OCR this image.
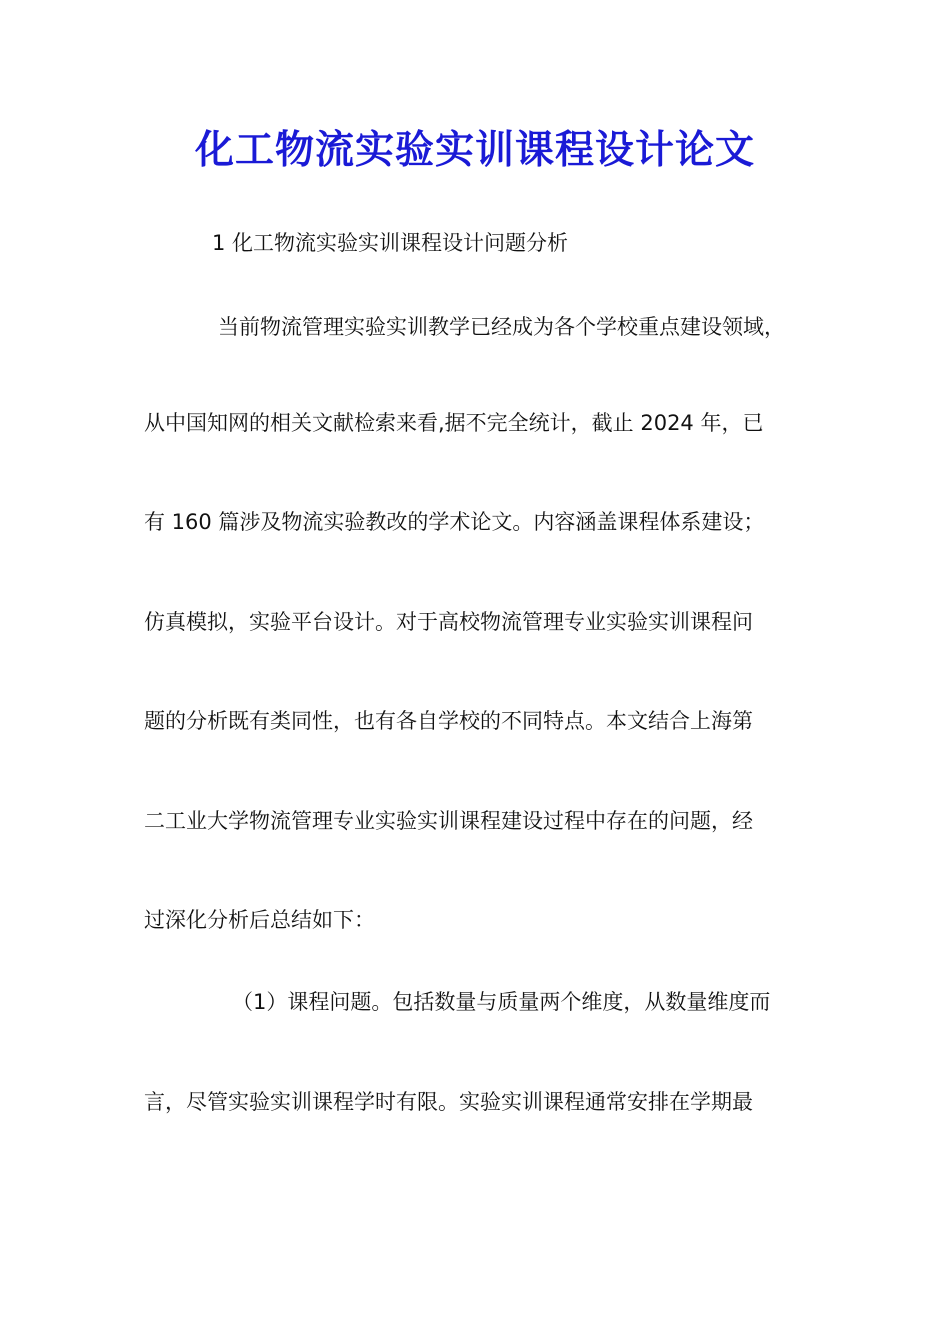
化工物流实验实训课程设计论文
1 化工物流实验实训课程设计问题分析
当前物流管理实验实训教学已经成为各个学校重点建设领域，
从中国知网的相关文献检索来看,据不完全统计，截止 2024 年，已
有 160 篇涉及物流实验教改的学术论文。内容涵盖课程体系建设；
仿真模拟，实验平台设计。对于高校物流管理专业实验实训课程问
题的分析既有类同性，也有各自学校的不同特点。本文结合上海第
二工业大学物流管理专业实验实训课程建设过程中存在的问题，经
过深化分析后总结如下：
（1）课程问题。包括数量与质量两个维度，从数量维度而
言，尽管实验实训课程学时有限。实验实训课程通常安排在学期最
